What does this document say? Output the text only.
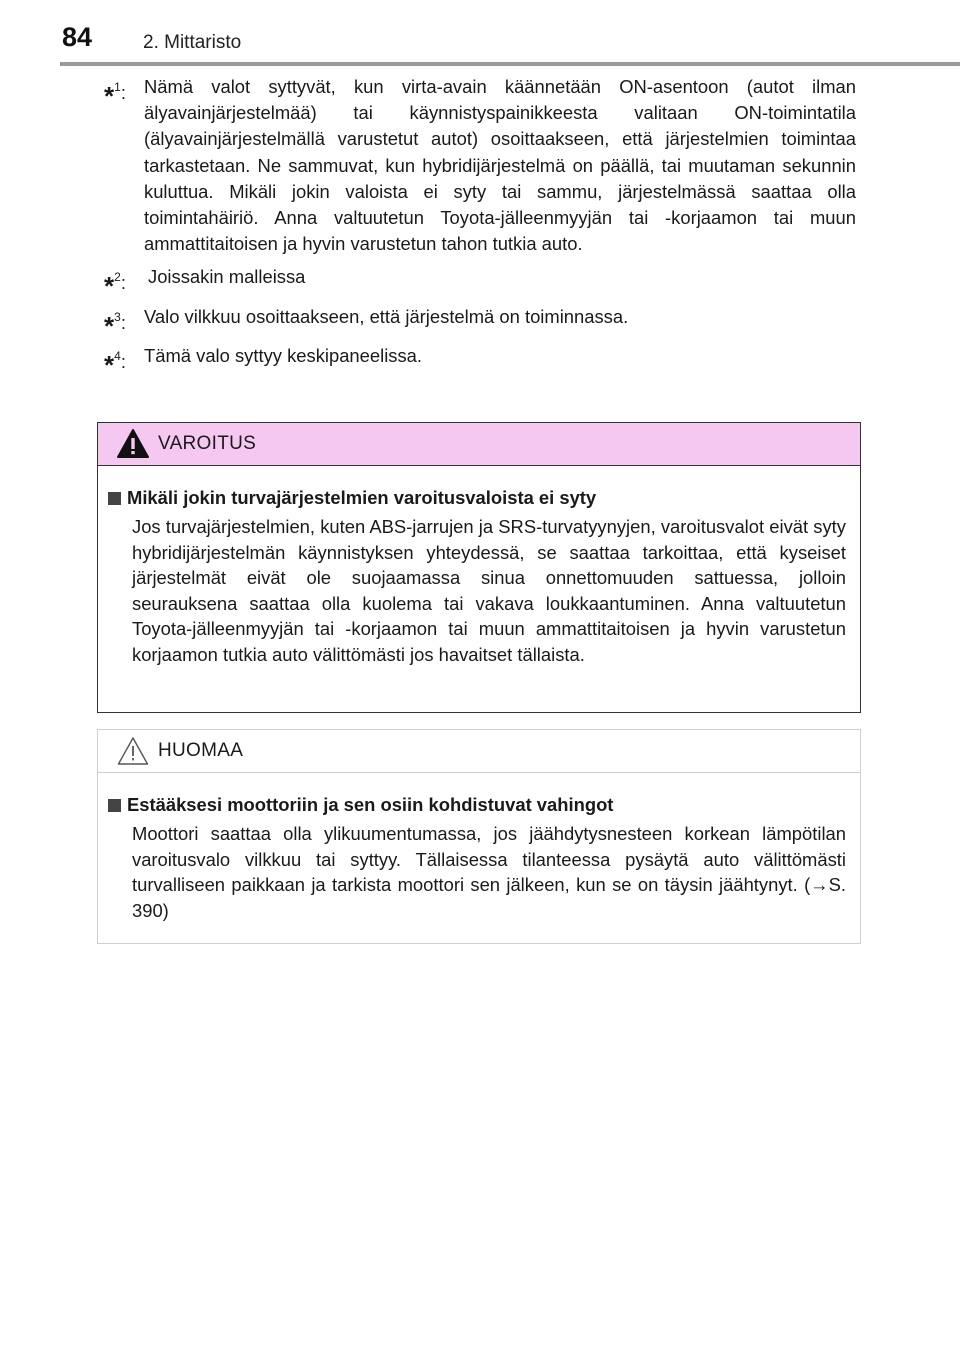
84	2. Mittaristo
*$^1$: Nämä valot syttyvät, kun virta-avain käännetään ON-asentoon (autot ilman älyavainjärjestelmää) tai käynnistyspainikkeesta valitaan ON-toimintatila (älyavainjärjestelmällä varustetut autot) osoittaakseen, että järjestelmien toimintaa tarkastetaan. Ne sammuvat, kun hybridijärjestelmä on päällä, tai muutaman sekunnin kuluttua. Mikäli jokin valoista ei syty tai sammu, järjestelmässä saattaa olla toimintahäiriö. Anna valtuutetun Toyota-jälleenmyyjän tai -korjaamon tai muun ammattitaitoisen ja hyvin varustetun tahon tutkia auto.
*$^2$:	Joissakin malleissa
*$^3$: Valo vilkkuu osoittaakseen, että järjestelmä on toiminnassa.
*$^4$: Tämä valo syttyy keskipaneelissa.
VAROITUS
Mikäli jokin turvajärjestelmien varoitusvaloista ei syty
Jos turvajärjestelmien, kuten ABS-jarrujen ja SRS-turvatyynyjen, varoitusvalot eivät syty hybridijärjestelmän käynnistyksen yhteydessä, se saattaa tarkoittaa, että kyseiset järjestelmät eivät ole suojaamassa sinua onnettomuuden sattuessa, jolloin seurauksena saattaa olla kuolema tai vakava loukkaantuminen. Anna valtuutetun Toyota-jälleenmyyjän tai -korjaamon tai muun ammattitaitoisen ja hyvin varustetun korjaamon tutkia auto välittömästi jos havaitset tällaista.
HUOMAA
Estääksesi moottoriin ja sen osiin kohdistuvat vahingot
Moottori saattaa olla ylikuumentumassa, jos jäähdytysnesteen korkean lämpötilan varoitusvalo vilkkuu tai syttyy. Tällaisessa tilanteessa pysäytä auto välittömästi turvalliseen paikkaan ja tarkista moottori sen jälkeen, kun se on täysin jäähtynyt. (→S. 390)
